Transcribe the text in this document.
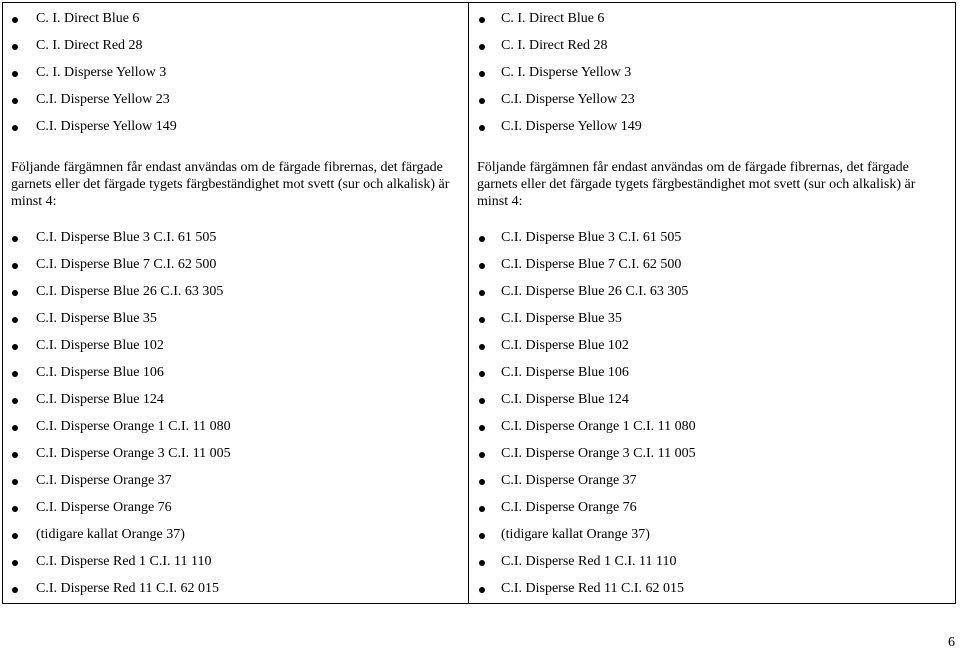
C. I. Direct Blue 6
C. I. Direct Red 28
C. I. Disperse Yellow 3
C.I. Disperse Yellow 23
C.I. Disperse Yellow 149
Följande färgämnen får endast användas om de färgade fibrernas, det färgade garnets eller det färgade tygets färgbeständighet mot svett (sur och alkalisk) är minst 4:
C.I. Disperse Blue 3 C.I. 61 505
C.I. Disperse Blue 7 C.I. 62 500
C.I. Disperse Blue 26 C.I. 63 305
C.I. Disperse Blue 35
C.I. Disperse Blue 102
C.I. Disperse Blue 106
C.I. Disperse Blue 124
C.I. Disperse Orange 1 C.I. 11 080
C.I. Disperse Orange 3 C.I. 11 005
C.I. Disperse Orange 37
C.I. Disperse Orange 76
(tidigare kallat Orange 37)
C.I. Disperse Red 1 C.I. 11 110
C.I. Disperse Red 11 C.I. 62 015
C. I. Direct Blue 6
C. I. Direct Red 28
C. I. Disperse Yellow 3
C.I. Disperse Yellow 23
C.I. Disperse Yellow 149
Följande färgämnen får endast användas om de färgade fibrernas, det färgade garnets eller det färgade tygets färgbeständighet mot svett (sur och alkalisk) är minst 4:
C.I. Disperse Blue 3 C.I. 61 505
C.I. Disperse Blue 7 C.I. 62 500
C.I. Disperse Blue 26 C.I. 63 305
C.I. Disperse Blue 35
C.I. Disperse Blue 102
C.I. Disperse Blue 106
C.I. Disperse Blue 124
C.I. Disperse Orange 1 C.I. 11 080
C.I. Disperse Orange 3 C.I. 11 005
C.I. Disperse Orange 37
C.I. Disperse Orange 76
(tidigare kallat Orange 37)
C.I. Disperse Red 1 C.I. 11 110
C.I. Disperse Red 11 C.I. 62 015
6
